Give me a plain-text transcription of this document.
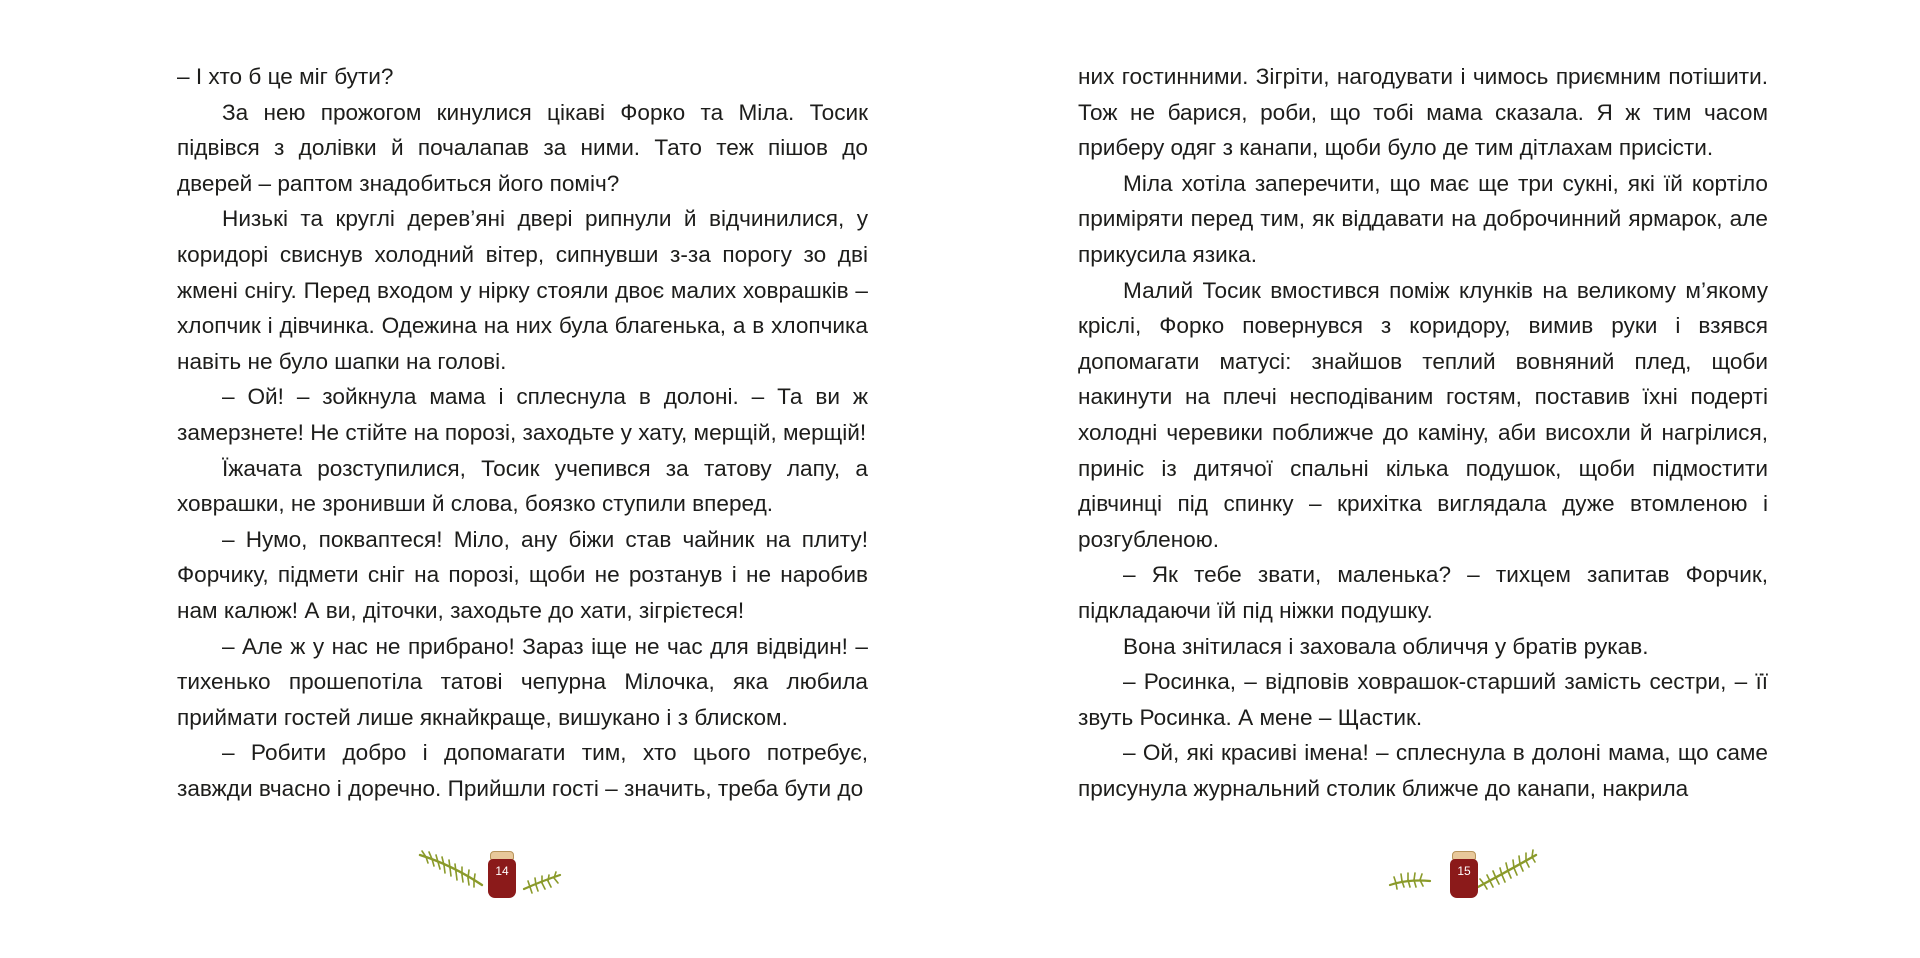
– І хто б це міг бути?

За нею прожогом кинулися цікаві Форко та Міла. Тосик підвівся з долівки й почалапав за ними. Тато теж пішов до дверей – раптом знадобиться його поміч?

Низькі та круглі дерев’яні двері рипнули й відчинилися, у коридорі свиснув холодний вітер, сипнувши з-за порогу зо дві жмені снігу. Перед входом у нірку стояли двоє малих ховрашків – хлопчик і дівчинка. Одежина на них була благенька, а в хлопчика навіть не було шапки на голові.

– Ой! – зойкнула мама і сплеснула в долоні. – Та ви ж замерзнете! Не стійте на порозі, заходьте у хату, мерщій, мерщій!

Їжачата розступилися, Тосик учепився за татову лапу, а ховрашки, не зронивши й слова, боязко ступили вперед.

– Нумо, поквaптеся! Міло, ану біжи став чайник на плиту! Форчику, підмети сніг на порозі, щоби не розтанув і не наробив нам калюж! А ви, діточки, заходьте до хати, зігрієтеся!

– Але ж у нас не прибрано! Зараз іще не час для відвідин! – тихенько прошепотіла татові чепурна Мілочка, яка любила приймати гостей лише якнайкраще, вишукано і з блиском.

– Робити добро і допомагати тим, хто цього потребує, завжди вчасно і доречно. Прийшли гості – значить, треба бути до

14

них гостинними. Зігріти, нагодувати і чимось приємним потішити. Тож не барися, роби, що тобі мама сказала. Я ж тим часом приберу одяг з канапи, щоби було де тим дітлахам присісти.

Міла хотіла заперечити, що має ще три сукні, які їй кортіло приміряти перед тим, як віддавати на доброчинний ярмарок, але прикусила язика.

Малий Тосик вмостився поміж клунків на великому м’якому кріслі, Форко повернувся з коридору, вимив руки і взявся допомагати матусі: знайшов теплий вовняний плед, щоби накинути на плечі несподіваним гостям, поставив їхні подерті холодні черевики поближче до каміну, аби висохли й нагрілися, приніс із дитячої спальні кілька подушок, щоби підмостити дівчинці під спинку – крихітка виглядала дуже втомленою і розгубленою.

– Як тебе звати, маленька? – тихцем запитав Форчик, підкладаючи їй під ніжки подушку.

Вона знітилася і заховала обличчя у братів рукав.

– Росинка, – відповів ховрашок-старший замість сестри, – її звуть Росинка. А мене – Щастик.

– Ой, які красиві імена! – сплеснула в долоні мама, що саме присунула журнальний столик ближче до канапи, накрила

15
